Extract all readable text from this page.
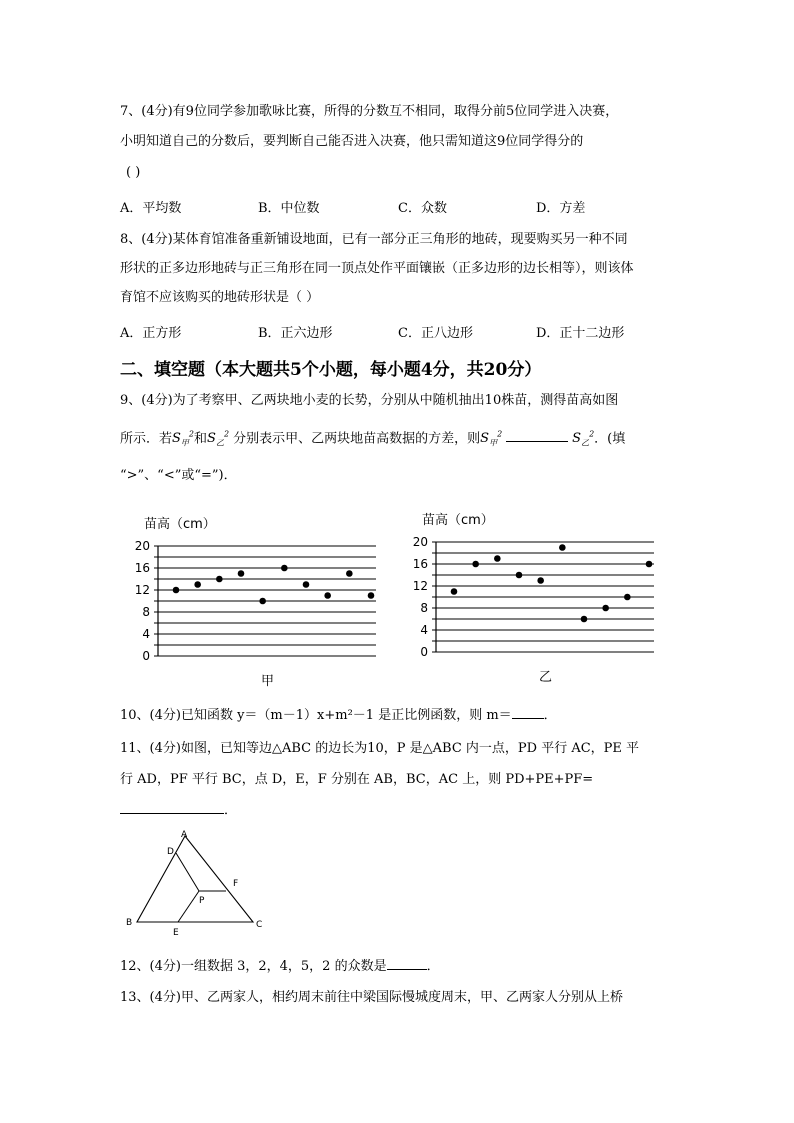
7、(4分)有9位同学参加歌咏比赛，所得的分数互不相同，取得分前5位同学进入决赛，
小明知道自己的分数后，要判断自己能否进入决赛，他只需知道这9位同学得分的
( )
A．平均数	B．中位数	C．众数	D．方差
8、(4分)某体育馆准备重新铺设地面，已有一部分正三角形的地砖，现要购买另一种不同
形状的正多边形地砖与正三角形在同一顶点处作平面镶嵌（正多边形的边长相等），则该体
育馆不应该购买的地砖形状是（ ）
A．正方形	B．正六边形	C．正八边形	D．正十二边形
二、填空题（本大题共5个小题，每小题4分，共20分）
9、(4分)为了考察甲、乙两块地小麦的长势，分别从中随机抽出10株苗，测得苗高如图
所示．若$S_甲^2$和$S_乙^2$ 分别表示甲、乙两块地苗高数据的方差，则$S_甲^2$	$S_乙^2$．(填
“>”、“<”或“=”)．
苗高（cm）
0
4
8
12
16
20
甲
苗高（cm）
0
4
8
12
16
20
乙
10、(4分)已知函数 y＝（m－1）x+m²－1 是正比例函数，则 m＝ ．
11、(4分)如图，已知等边△ABC 的边长为10，P 是△ABC 内一点，PD 平行 AC，PE 平
行 AD，PF 平行 BC，点 D，E，F 分别在 AB，BC，AC 上，则 PD+PE+PF=
．
A
D
F
P
B	C
E
12、(4分)一组数据 3，2，4，5，2 的众数是	．
13、(4分)甲、乙两家人，相约周末前往中梁国际慢城度周末，甲、乙两家人分别从上桥
